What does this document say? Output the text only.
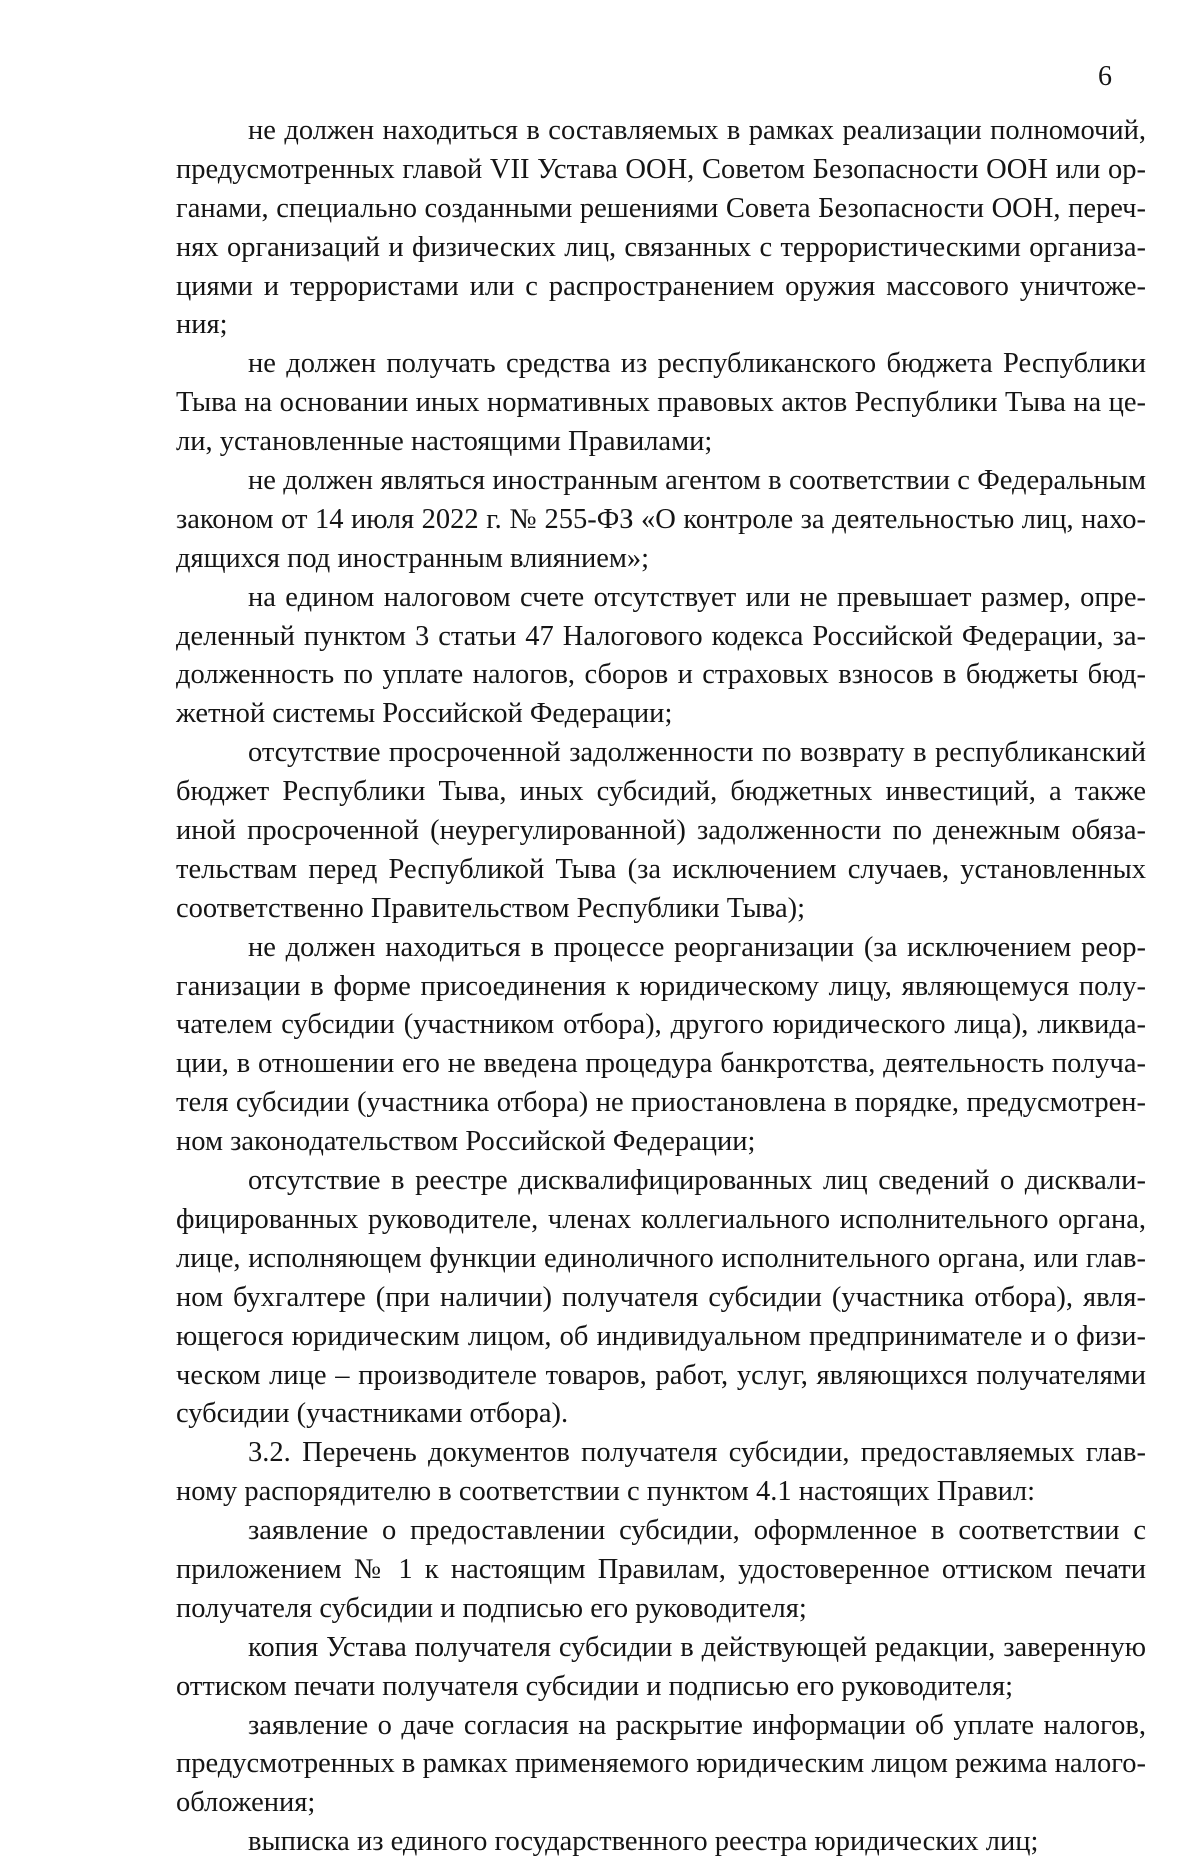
6
не должен находиться в составляемых в рамках реализации полномочий,
предусмотренных главой VII Устава ООН, Советом Безопасности ООН или ор-
ганами, специально созданными решениями Совета Безопасности ООН, переч-
нях организаций и физических лиц, связанных с террористическими организа-
циями и террористами или с распространением оружия массового уничтоже-
ния;
не должен получать средства из республиканского бюджета Республики
Тыва на основании иных нормативных правовых актов Республики Тыва на це-
ли, установленные настоящими Правилами;
не должен являться иностранным агентом в соответствии с Федеральным
законом от 14 июля 2022 г. № 255-ФЗ «О контроле за деятельностью лиц, нахо-
дящихся под иностранным влиянием»;
на едином налоговом счете отсутствует или не превышает размер, опре-
деленный пунктом 3 статьи 47 Налогового кодекса Российской Федерации, за-
долженность по уплате налогов, сборов и страховых взносов в бюджеты бюд-
жетной системы Российской Федерации;
отсутствие просроченной задолженности по возврату в республиканский
бюджет Республики Тыва, иных субсидий, бюджетных инвестиций, а также
иной просроченной (неурегулированной) задолженности по денежным обяза-
тельствам перед Республикой Тыва (за исключением случаев, установленных
соответственно Правительством Республики Тыва);
не должен находиться в процессе реорганизации (за исключением реор-
ганизации в форме присоединения к юридическому лицу, являющемуся полу-
чателем субсидии (участником отбора), другого юридического лица), ликвида-
ции, в отношении его не введена процедура банкротства, деятельность получа-
теля субсидии (участника отбора) не приостановлена в порядке, предусмотрен-
ном законодательством Российской Федерации;
отсутствие в реестре дисквалифицированных лиц сведений о дисквали-
фицированных руководителе, членах коллегиального исполнительного органа,
лице, исполняющем функции единоличного исполнительного органа, или глав-
ном бухгалтере (при наличии) получателя субсидии (участника отбора), явля-
ющегося юридическим лицом, об индивидуальном предпринимателе и о физи-
ческом лице – производителе товаров, работ, услуг, являющихся получателями
субсидии (участниками отбора).
3.2. Перечень документов получателя субсидии, предоставляемых глав-
ному распорядителю в соответствии с пунктом 4.1 настоящих Правил:
заявление о предоставлении субсидии, оформленное в соответствии с
приложением № 1 к настоящим Правилам, удостоверенное оттиском печати
получателя субсидии и подписью его руководителя;
копия Устава получателя субсидии в действующей редакции, заверенную
оттиском печати получателя субсидии и подписью его руководителя;
заявление о даче согласия на раскрытие информации об уплате налогов,
предусмотренных в рамках применяемого юридическим лицом режима налого-
обложения;
выписка из единого государственного реестра юридических лиц;
